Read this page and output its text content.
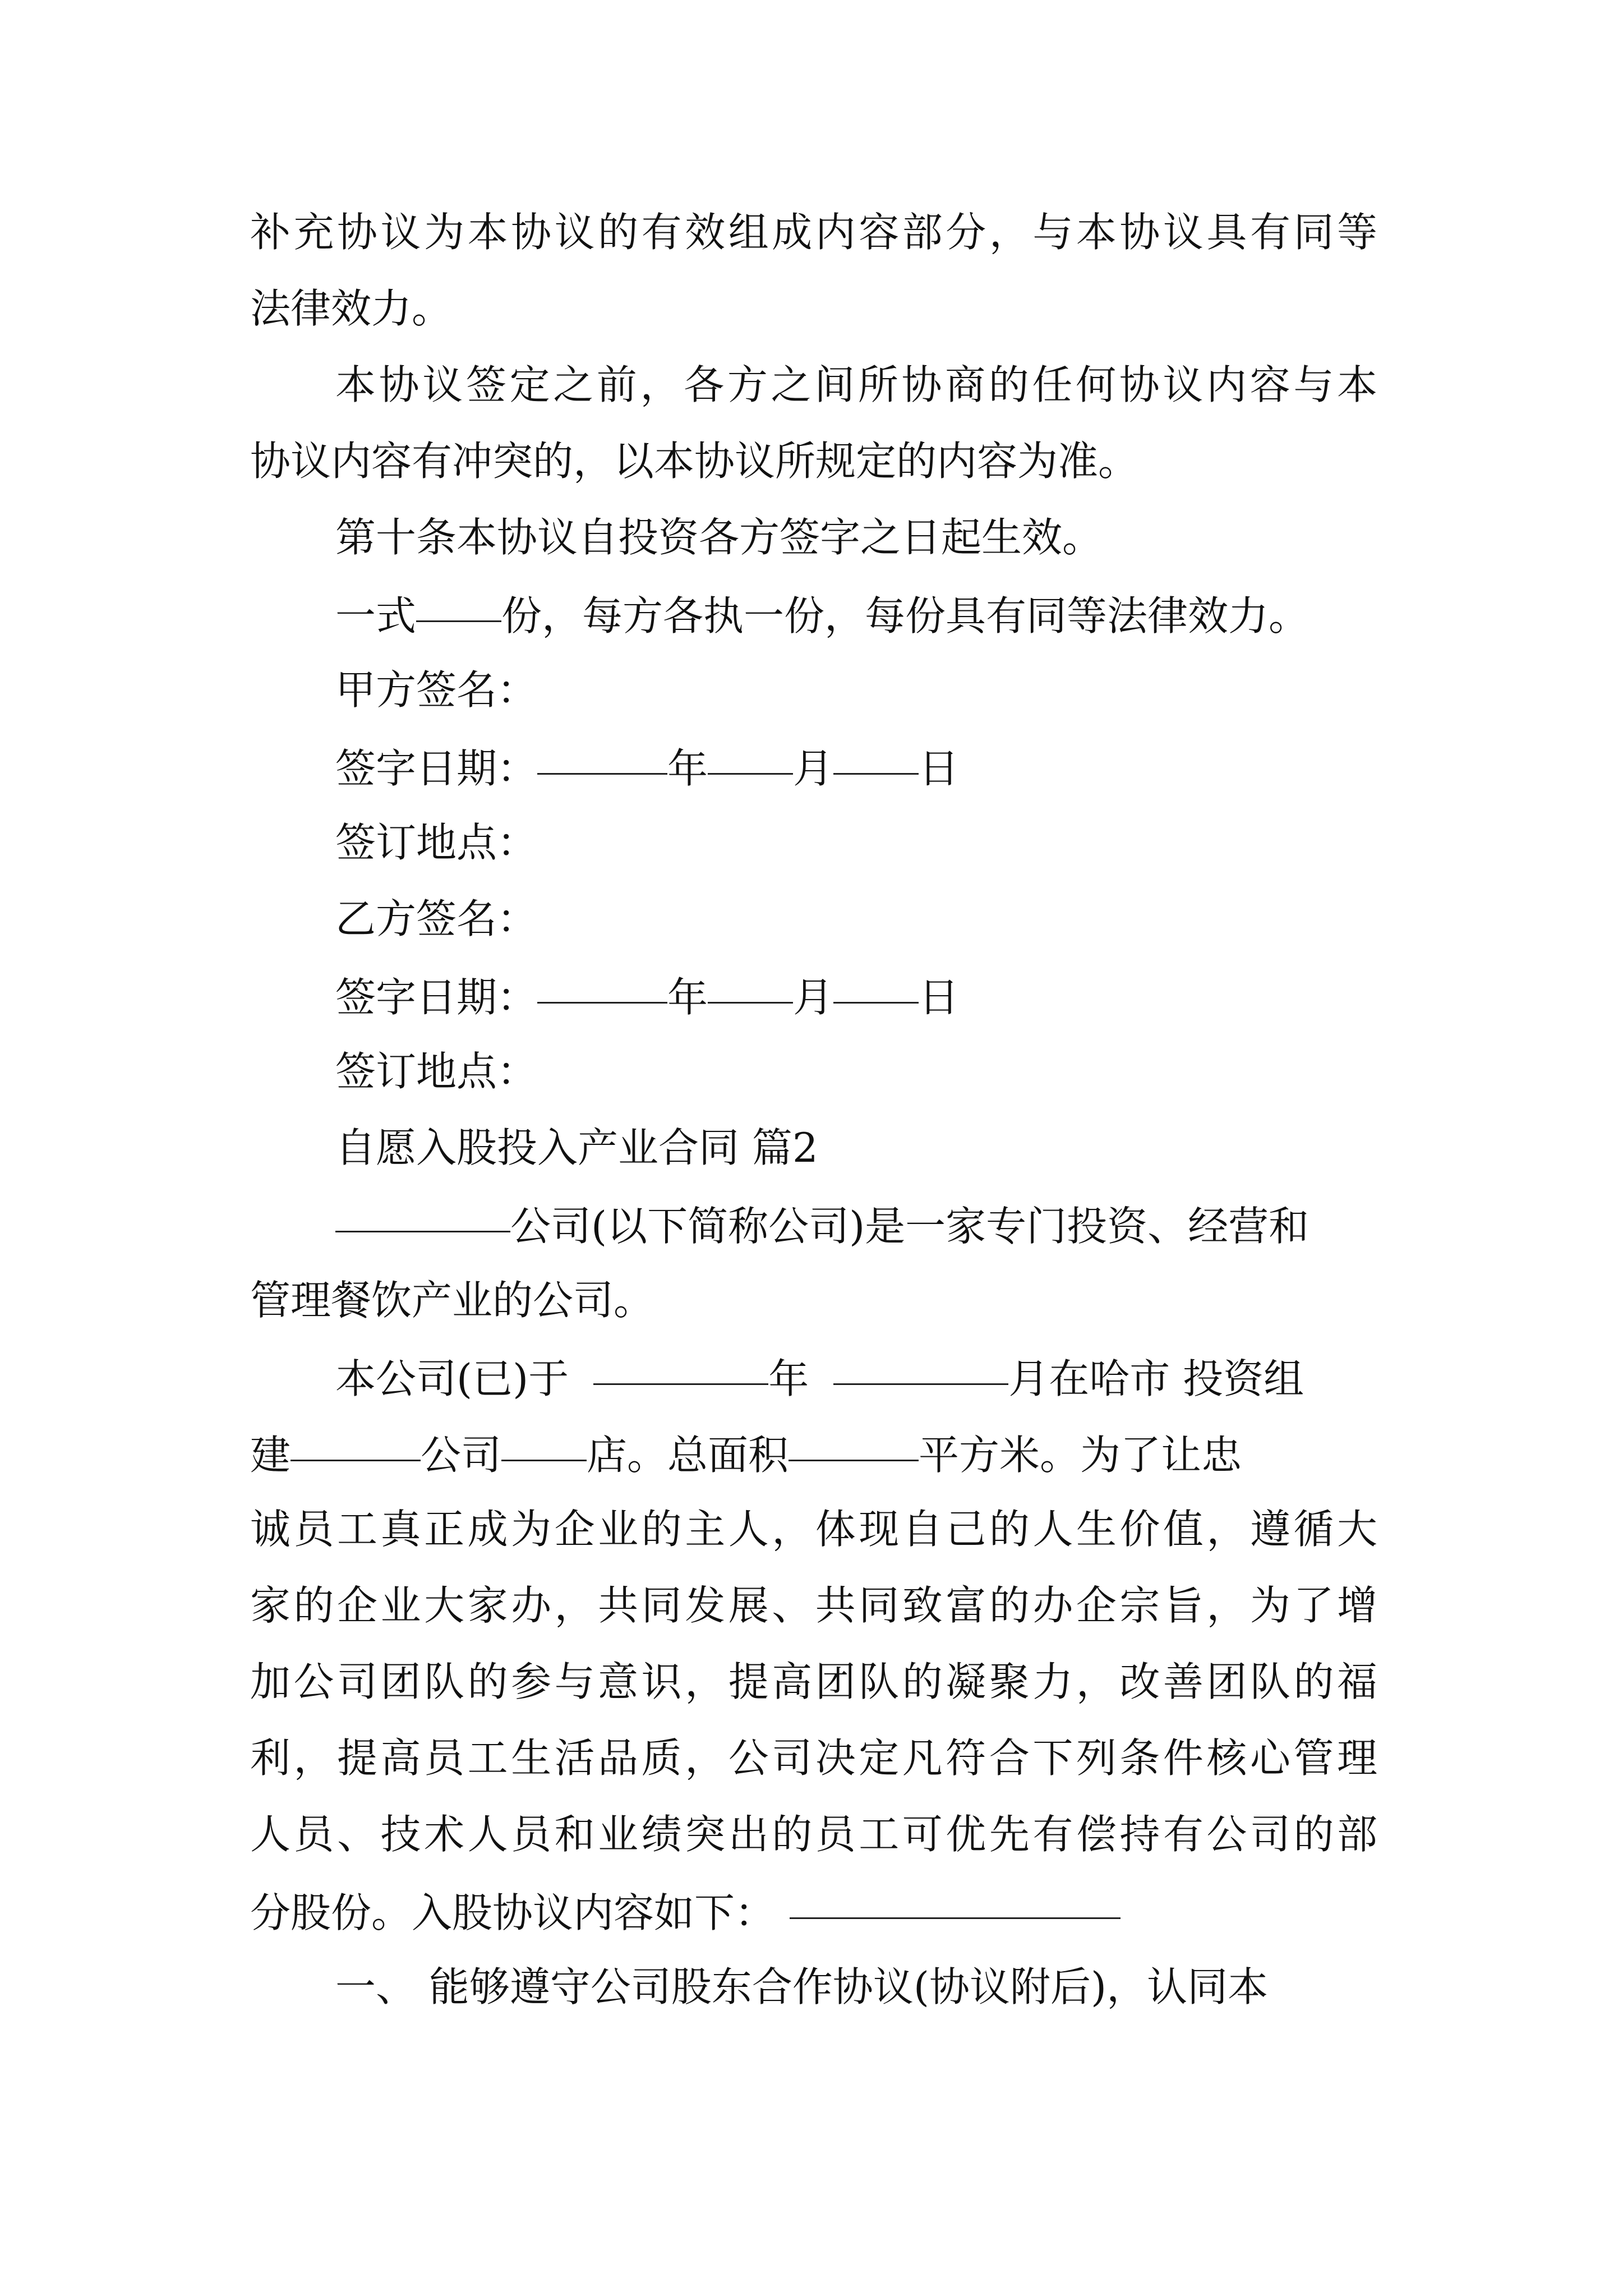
补充协议为本协议的有效组成内容部分，与本协议具有同等
法律效力。
本协议签定之前，各方之间所协商的任何协议内容与本
协议内容有冲突的，以本协议所规定的内容为准。
第十条本协议自投资各方签字之日起生效。
一式 份，每方各执一份，每份具有同等法律效力。
甲方签名：
签字日期：	年 月 日
签订地点：
乙方签名：
签字日期：	年 月 日
签订地点：
自愿入股投入产业合同 篇2
公司(以下简称公司)是一家专门投资、经营和
管理餐饮产业的公司。
本公司(已)于	年	月在哈市 投资组
建	公司 店。总面积	平方米。为了让忠
诚员工真正成为企业的主人，体现自己的人生价值，遵循大
家的企业大家办，共同发展、共同致富的办企宗旨，为了增
加公司团队的参与意识，提高团队的凝聚力，改善团队的福
利，提高员工生活品质，公司决定凡符合下列条件核心管理
人员、技术人员和业绩突出的员工可优先有偿持有公司的部
分股份。入股协议内容如下：
一、 能够遵守公司股东合作协议(协议附后)，认同本
